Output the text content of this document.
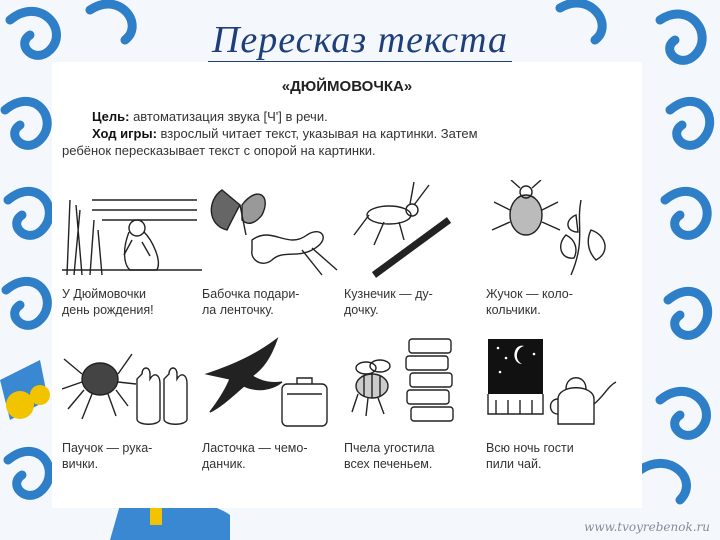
Пересказ текста
«ДЮЙМОВОЧКА»
Цель: автоматизация звука [Ч'] в речи.
Ход игры: взрослый читает текст, указывая на картинки. Затем
ребёнок пересказывает текст с опорой на картинки.
У Дюймовочки
день рождения!
Бабочка подари-
ла ленточку.
Кузнечик — ду-
дочку.
Жучок — коло-
кольчики.
Паучок — рука-
вички.
Ласточка — чемо-
данчик.
Пчела угостила
всех печеньем.
Всю ночь гости
пили чай.
www.tvoyrebenok.ru
